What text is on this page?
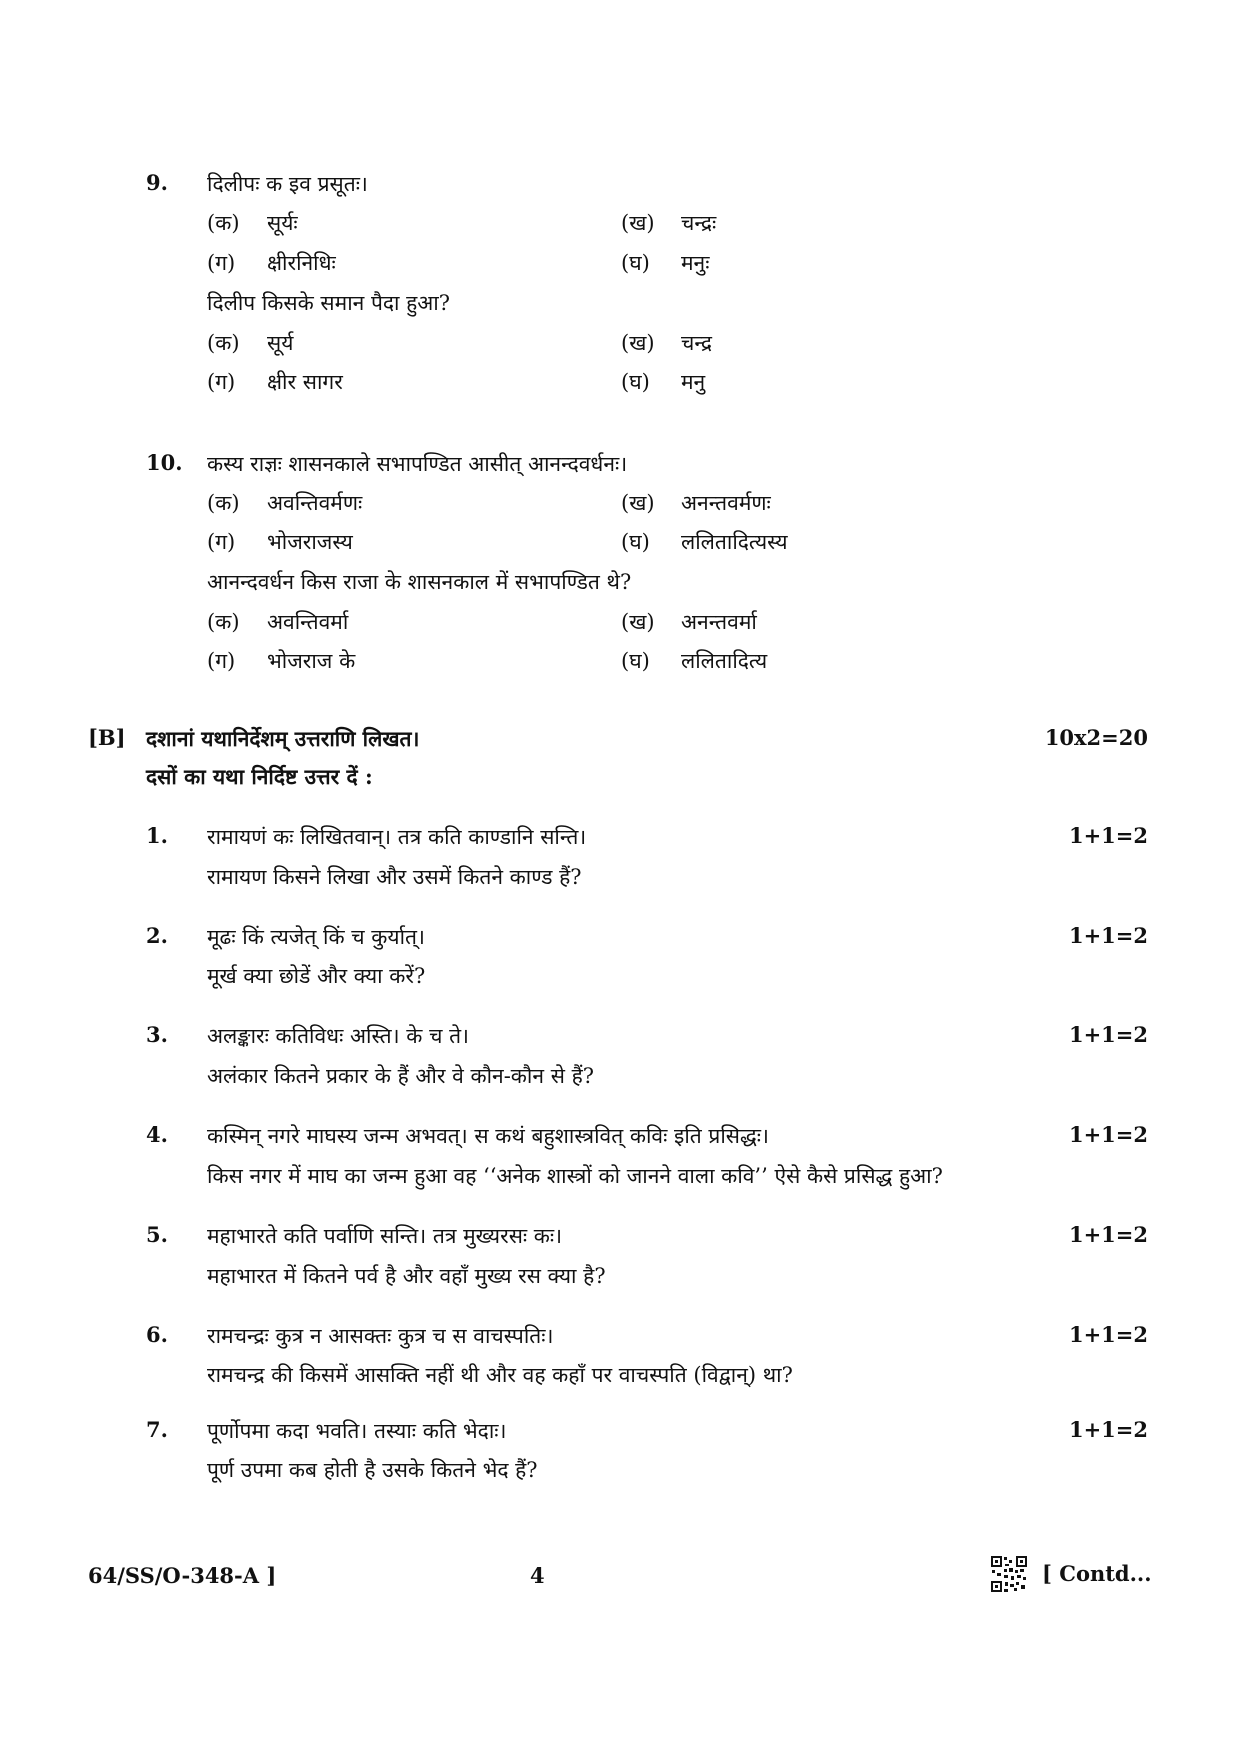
9. दिलीपः क इव प्रसूतः।
(क) सूर्यः	(ख) चन्द्रः
(ग) क्षीरनिधिः	(घ) मनुः
दिलीप किसके समान पैदा हुआ?
(क) सूर्य	(ख) चन्द्र
(ग) क्षीर सागर	(घ) मनु
10. कस्य राज्ञः शासनकाले सभापण्डित आसीत् आनन्दवर्धनः।
(क) अवन्तिवर्मणः	(ख) अनन्तवर्मणः
(ग) भोजराजस्य	(घ) ललितादित्यस्य
आनन्दवर्धन किस राजा के शासनकाल में सभापण्डित थे?
(क) अवन्तिवर्मा	(ख) अनन्तवर्मा
(ग) भोजराज के	(घ) ललितादित्य
[B] दशानां यथानिर्देशम् उत्तराणि लिखत।	10x2=20
दसों का यथा निर्दिष्ट उत्तर दें :
1. रामायणं कः लिखितवान्। तत्र कति काण्डानि सन्ति।	1+1=2
रामायण किसने लिखा और उसमें कितने काण्ड हैं?
2. मूढः किं त्यजेत् किं च कुर्यात्।	1+1=2
मूर्ख क्या छोडें और क्या करें?
3. अलङ्कारः कतिविधः अस्ति। के च ते।	1+1=2
अलंकार कितने प्रकार के हैं और वे कौन-कौन से हैं?
4. कस्मिन् नगरे माघस्य जन्म अभवत्। स कथं बहुशास्त्रवित् कविः इति प्रसिद्धः।	1+1=2
किस नगर में माघ का जन्म हुआ वह ‘‘अनेक शास्त्रों को जानने वाला कवि’’ ऐसे कैसे प्रसिद्ध हुआ?
5. महाभारते कति पर्वाणि सन्ति। तत्र मुख्यरसः कः।	1+1=2
महाभारत में कितने पर्व है और वहाँ मुख्य रस क्या है?
6. रामचन्द्रः कुत्र न आसक्तः कुत्र च स वाचस्पतिः।	1+1=2
रामचन्द्र की किसमें आसक्ति नहीं थी और वह कहाँ पर वाचस्पति (विद्वान्) था?
7. पूर्णोपमा कदा भवति। तस्याः कति भेदाः।	1+1=2
पूर्ण उपमा कब होती है उसके कितने भेद हैं?
64/SS/O-348-A ]	4	[ Contd...
